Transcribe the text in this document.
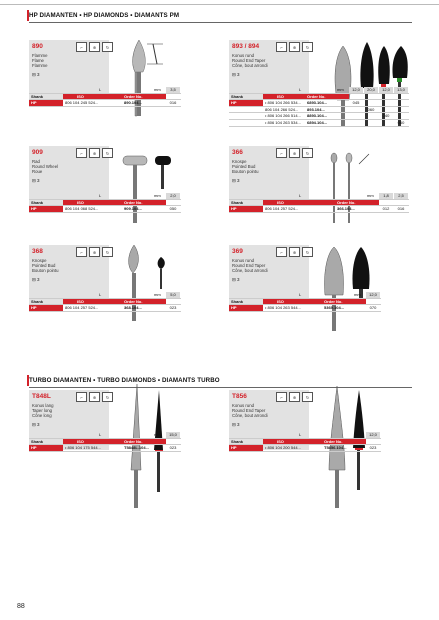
HP DIAMANTEN • HP DIAMONDS • DIAMANTS PM
TURBO DIAMANTEN • TURBO DIAMONDS • DIAMANTS TURBO
890	⌐	⊕	↻
Flamme
Flame
Flamme
⊟ 3
L	mm	3,5
Shank	ISO	Order No.
HP	806 104 245 524...	890.104...	016
893 / 894	⌐	⊕	↻
Konus rund
Round End Taper
Cône, bout arrondi
⊟ 3
L	mm	12,0	20,0	12,0	13,0
Shank	ISO	Order No.
HP	• 806 104 266 534... 6893.104...	045
806 104 266 524... 893.104...	060
• 806 104 266 514... 8893.104...	040
• 806 104 263 534... 6894.104...	060
909	⌐	⊕	↻
Rad
Round Wheel
Roue
⊟ 3
L	mm	2,0
Shank	ISO	Order No.
HP	806 104 068 524...	909.104...	050
366	⌐	⊕	↻
Knospe
Pointed Bud
Bouton pointu
⊟ 3
L	mm	1,8	2,5
Shank	ISO	Order No.
HP	806 104 257 524...	366.104...	012	016
368	⌐	⊕	↻
Knospe
Pointed Bud
Bouton pointu
⊟ 3
L	mm	5,0
Shank	ISO	Order No.
HP	806 104 257 524...	368.104...	023
369	⌐	⊕	↻
Konus rund
Round End Taper
Cône, bout arrondi
⊟ 3
L	mm	12,0
Shank	ISO	Order No.
HP	• 806 104 263 544...	5369.104...	070
T848L	⌐	⊕	↻
Konus lang
Taper long
Cône long
⊟ 3
L	mm	15,0
Shank	ISO	Order No.
HP	• 806 104 175 544...	T5848L.104...	023
T856	⌐	⊕	↻
Konus rund
Round End Taper
Cône, bout arrondi
⊟ 3
L	mm	12,0
Shank	ISO	Order No.
HP	• 806 104 200 544...	T5856.104...	023
88
